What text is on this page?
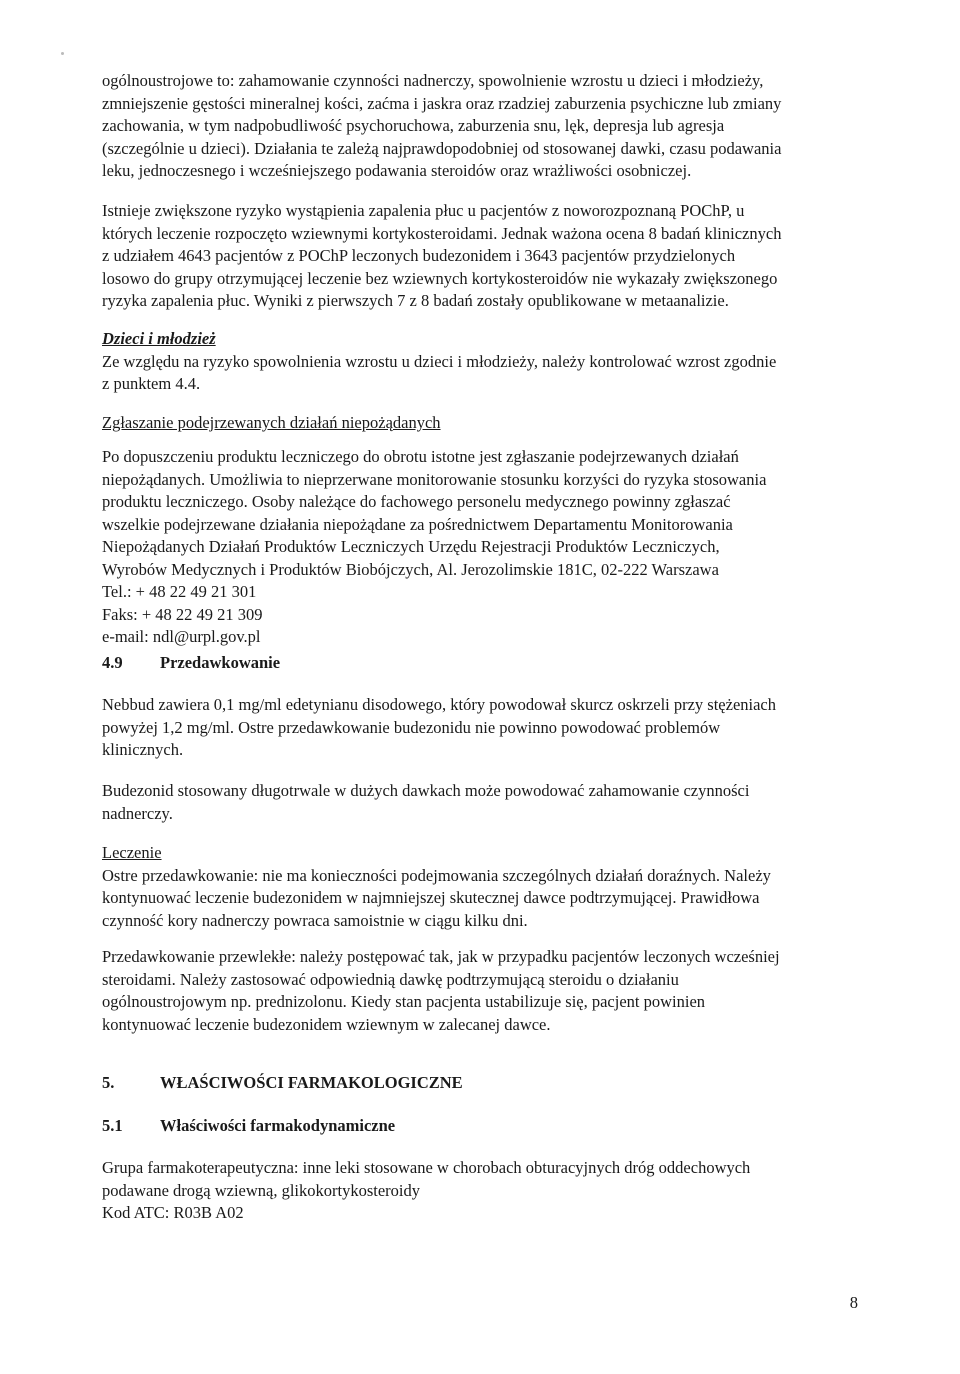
ogólnoustrojowe to: zahamowanie czynności nadnerczy, spowolnienie wzrostu u dzieci i młodzieży,

zmniejszenie gęstości mineralnej kości, zaćma i jaskra oraz rzadziej zaburzenia psychiczne lub zmiany

zachowania, w tym nadpobudliwość psychoruchowa, zaburzenia snu, lęk, depresja lub agresja

(szczególnie u dzieci). Działania te zależą najprawdopodobniej od stosowanej dawki, czasu podawania

leku, jednoczesnego i wcześniejszego podawania steroidów oraz wrażliwości osobniczej.

Istnieje zwiększone ryzyko wystąpienia zapalenia płuc u pacjentów z noworozpoznaną POChP, u

których leczenie rozpoczęto wziewnymi kortykosteroidami. Jednak ważona ocena 8 badań klinicznych

z udziałem 4643 pacjentów z POChP leczonych budezonidem i 3643 pacjentów przydzielonych

losowo do grupy otrzymującej leczenie bez wziewnych kortykosteroidów nie wykazały zwiększonego

ryzyka zapalenia płuc. Wyniki z pierwszych 7 z 8 badań zostały opublikowane w metaanalizie.

Dzieci i młodzież

Ze względu na ryzyko spowolnienia wzrostu u dzieci i młodzieży, należy kontrolować wzrost zgodnie

z punktem 4.4.

Zgłaszanie podejrzewanych działań niepożądanych

Po dopuszczeniu produktu leczniczego do obrotu istotne jest zgłaszanie podejrzewanych działań

niepożądanych. Umożliwia to nieprzerwane monitorowanie stosunku korzyści do ryzyka stosowania

produktu leczniczego. Osoby należące do fachowego personelu medycznego powinny zgłaszać

wszelkie podejrzewane działania niepożądane za pośrednictwem Departamentu Monitorowania

Niepożądanych Działań Produktów Leczniczych Urzędu Rejestracji Produktów Leczniczych,

Wyrobów Medycznych i Produktów Biobójczych, Al. Jerozolimskie 181C, 02-222 Warszawa

Tel.: + 48 22 49 21 301

Faks: + 48 22 49 21 309

e-mail: ndl@urpl.gov.pl

4.9 Przedawkowanie

Nebbud zawiera 0,1 mg/ml edetynianu disodowego, który powodował skurcz oskrzeli przy stężeniach

powyżej 1,2 mg/ml. Ostre przedawkowanie budezonidu nie powinno powodować problemów

klinicznych.

Budezonid stosowany długotrwale w dużych dawkach może powodować zahamowanie czynności

nadnerczy.

Leczenie

Ostre przedawkowanie: nie ma konieczności podejmowania szczególnych działań doraźnych. Należy

kontynuować leczenie budezonidem w najmniejszej skutecznej dawce podtrzymującej. Prawidłowa

czynność kory nadnerczy powraca samoistnie w ciągu kilku dni.

Przedawkowanie przewlekłe: należy postępować tak, jak w przypadku pacjentów leczonych wcześniej

steroidami. Należy zastosować odpowiednią dawkę podtrzymującą steroidu o działaniu

ogólnoustrojowym np. prednizolonu. Kiedy stan pacjenta ustabilizuje się, pacjent powinien

kontynuować leczenie budezonidem wziewnym w zalecanej dawce.

5.	WŁAŚCIWOŚCI FARMAKOLOGICZNE
5.1 Właściwości farmakodynamiczne

Grupa farmakoterapeutyczna: inne leki stosowane w chorobach obturacyjnych dróg oddechowych

podawane drogą wziewną, glikokortykosteroidy

Kod ATC: R03B A02

8
